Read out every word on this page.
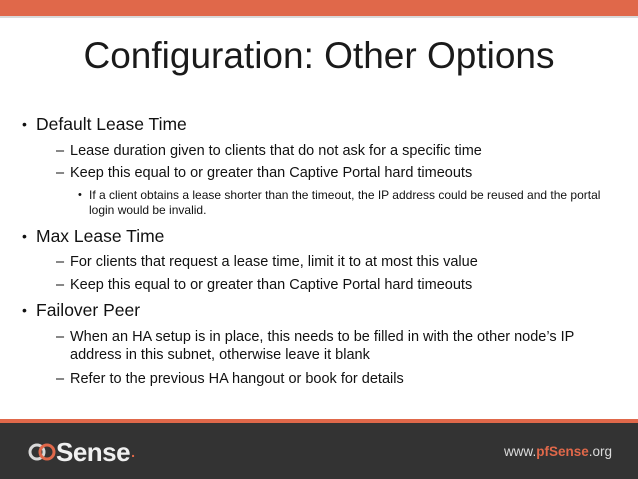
Configuration: Other Options
• Default Lease Time
– Lease duration given to clients that do not ask for a specific time
– Keep this equal to or greater than Captive Portal hard timeouts
• If a client obtains a lease shorter than the timeout, the IP address could be reused and the portal login would be invalid.
• Max Lease Time
– For clients that request a lease time, limit it to at most this value
– Keep this equal to or greater than Captive Portal hard timeouts
• Failover Peer
– When an HA setup is in place, this needs to be filled in with the other node’s IP address in this subnet, otherwise leave it blank
– Refer to the previous HA hangout or book for details
Sense .	www.pfSense.org
